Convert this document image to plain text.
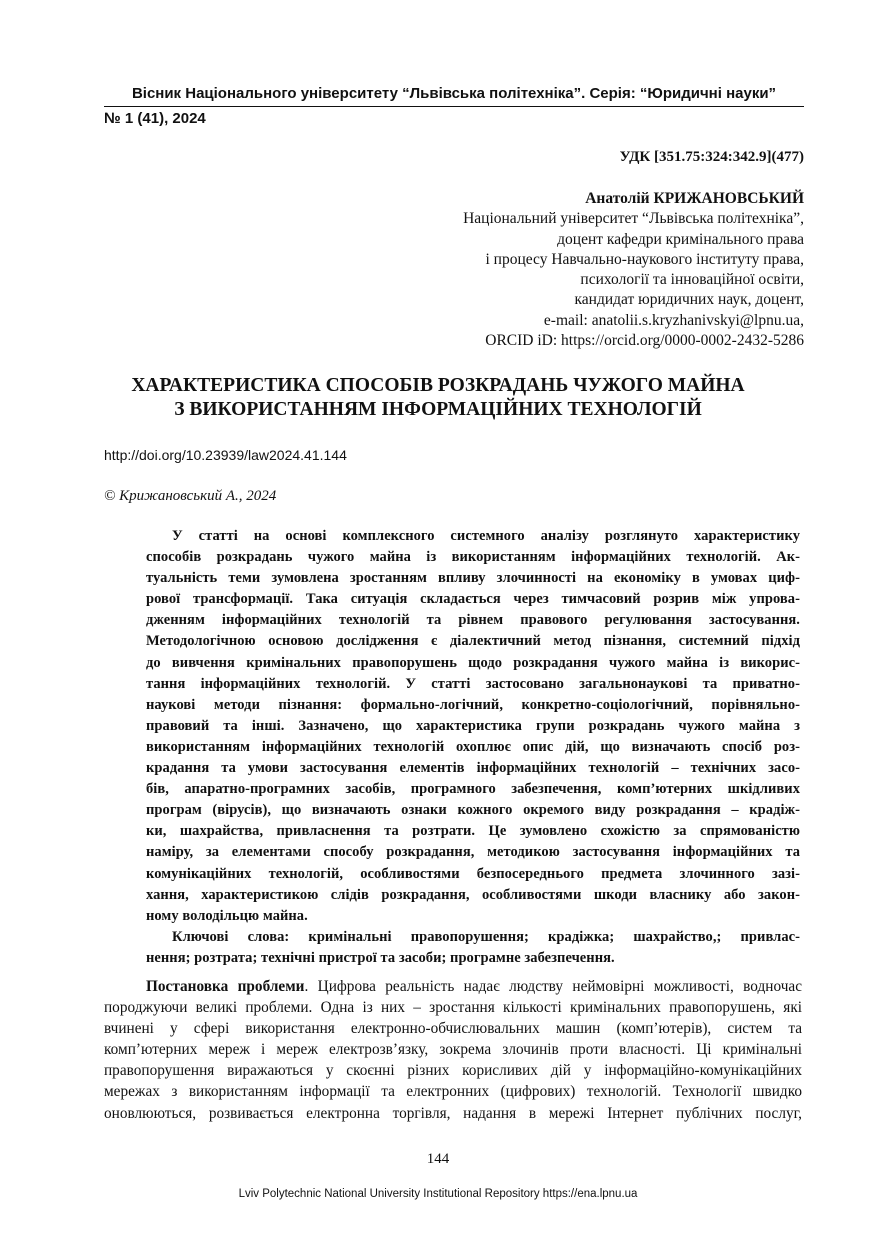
Вісник Національного університету “Львівська політехніка”. Серія: “Юридичні науки”
№ 1 (41), 2024
УДК [351.75:324:342.9](477)
Анатолій КРИЖАНОВСЬКИЙ
Національний університет “Львівська політехніка”,
доцент кафедри кримінального права
і процесу Навчально-наукового інституту права,
психології та інноваційної освіти,
кандидат юридичних наук, доцент,
e-mail: anatolii.s.kryzhanivskyi@lpnu.ua,
ORCID iD: https://orcid.org/0000-0002-2432-5286
ХАРАКТЕРИСТИКА СПОСОБІВ РОЗКРАДАНЬ ЧУЖОГО МАЙНА
З ВИКОРИСТАННЯМ ІНФОРМАЦІЙНИХ ТЕХНОЛОГІЙ
http://doi.org/10.23939/law2024.41.144
© Крижановський А., 2024
У статті на основі комплексного системного аналізу розглянуто характеристику
способів розкрадань чужого майна із використанням інформаційних технологій. Ак-
туальність теми зумовлена зростанням впливу злочинності на економіку в умовах циф-
рової трансформації. Така ситуація складається через тимчасовий розрив між упрова-
дженням інформаційних технологій та рівнем правового регулювання застосування.
Методологічною основою дослідження є діалектичний метод пізнання, системний підхід
до вивчення кримінальних правопорушень щодо розкрадання чужого майна із викорис-
тання інформаційних технологій. У статті застосовано загальнонаукові та приватно-
наукові методи пізнання: формально-логічний, конкретно-соціологічний, порівняльно-
правовий та інші. Зазначено, що характеристика групи розкрадань чужого майна з
використанням інформаційних технологій охоплює опис дій, що визначають спосіб роз-
крадання та умови застосування елементів інформаційних технологій – технічних засо-
бів, апаратно-програмних засобів, програмного забезпечення, комп’ютерних шкідливих
програм (вірусів), що визначають ознаки кожного окремого виду розкрадання – крадіж-
ки, шахрайства, привласнення та розтрати. Це зумовлено схожістю за спрямованістю
наміру, за елементами способу розкрадання, методикою застосування інформаційних та
комунікаційних технологій, особливостями безпосереднього предмета злочинного зазі-
хання, характеристикою слідів розкрадання, особливостями шкоди власнику або закон-
ному володільцю майна.
Ключові слова: кримінальні правопорушення; крадіжка; шахрайство,; привлас-
нення; розтрата; технічні пристрої та засоби; програмне забезпечення.
Постановка проблеми. Цифрова реальність надає людству неймовірні можливості, водночас
породжуючи великі проблеми. Одна із них – зростання кількості кримінальних правопорушень, які
вчинені у сфері використання електронно-обчислювальних машин (комп’ютерів), систем та
комп’ютерних мереж і мереж електрозв’язку, зокрема злочинів проти власності. Ці кримінальні
правопорушення виражаються у скоєнні різних корисливих дій у інформаційно-комунікаційних
мережах з використанням інформації та електронних (цифрових) технологій. Технології швидко
оновлюються, розвивається електронна торгівля, надання в мережі Інтернет публічних послуг,
144
Lviv Polytechnic National University Institutional Repository https://ena.lpnu.ua
